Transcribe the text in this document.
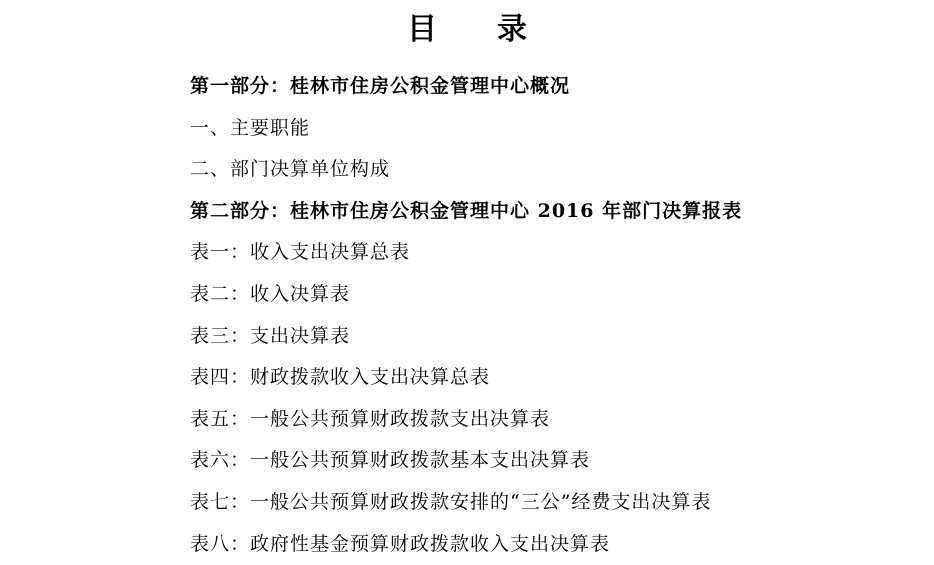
目　　录
第一部分：桂林市住房公积金管理中心概况
一、主要职能
二、部门决算单位构成
第二部分：桂林市住房公积金管理中心 2016 年部门决算报表
表一：收入支出决算总表
表二：收入决算表
表三：支出决算表
表四：财政拨款收入支出决算总表
表五：一般公共预算财政拨款支出决算表
表六：一般公共预算财政拨款基本支出决算表
表七：一般公共预算财政拨款安排的“三公”经费支出决算表
表八：政府性基金预算财政拨款收入支出决算表
